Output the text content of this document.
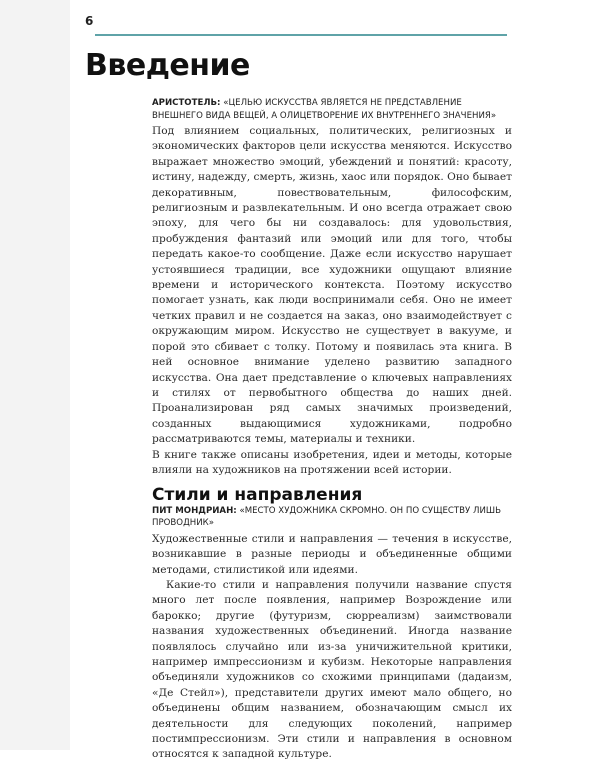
6
Введение

АРИСТОТЕЛЬ: «ЦЕЛЬЮ ИСКУССТВА ЯВЛЯЕТСЯ НЕ ПРЕДСТАВЛЕНИЕ ВНЕШНЕГО ВИДА ВЕЩЕЙ, А ОЛИЦЕТВОРЕНИЕ ИХ ВНУТРЕННЕГО ЗНАЧЕНИЯ»

Под влиянием социальных, политических, религиозных и экономических факторов цели искусства меняются. Искусство выражает множество эмоций, убеждений и понятий: красоту, истину, надежду, смерть, жизнь, хаос или порядок. Оно бывает декоративным, повествовательным, философским, религиозным и развлекательным. И оно всегда отражает свою эпоху, для чего бы ни создавалось: для удовольствия, пробуждения фантазий или эмоций или для того, чтобы передать какое-то сообщение. Даже если искусство нарушает устоявшиеся традиции, все художники ощущают влияние времени и исторического контекста. Поэтому искусство помогает узнать, как люди воспринимали себя. Оно не имеет четких правил и не создается на заказ, оно взаимодействует с окружающим миром. Искусство не существует в вакууме, и порой это сбивает с толку. Потому и появилась эта книга. В ней основное внимание уделено развитию западного искусства. Она дает представление о ключевых направлениях и стилях от первобытного общества до наших дней. Проанализирован ряд самых значимых произведений, созданных выдающимися художниками, подробно рассматриваются темы, материалы и техники.

В книге также описаны изобретения, идеи и методы, которые влияли на художников на протяжении всей истории.

Стили и направления

ПИТ МОНДРИАН: «МЕСТО ХУДОЖНИКА СКРОМНО. ОН ПО СУЩЕСТВУ ЛИШЬ ПРОВОДНИК»

Художественные стили и направления — течения в искусстве, возникавшие в разные периоды и объединенные общими методами, стилистикой или идеями.

Какие-то стили и направления получили название спустя много лет после появления, например Возрождение или барокко; другие (футуризм, сюрреализм) заимствовали названия художественных объединений. Иногда название появлялось случайно или из-за уничижительной критики, например импрессионизм и кубизм. Некоторые направления объединяли художников со схожими принципами (дадаизм, «Де Стейл»), представители других имеют мало общего, но объединены общим названием, обозначающим смысл их деятельности для следующих поколений, например постимпрессионизм. Эти стили и направления в основном относятся к западной культуре.
